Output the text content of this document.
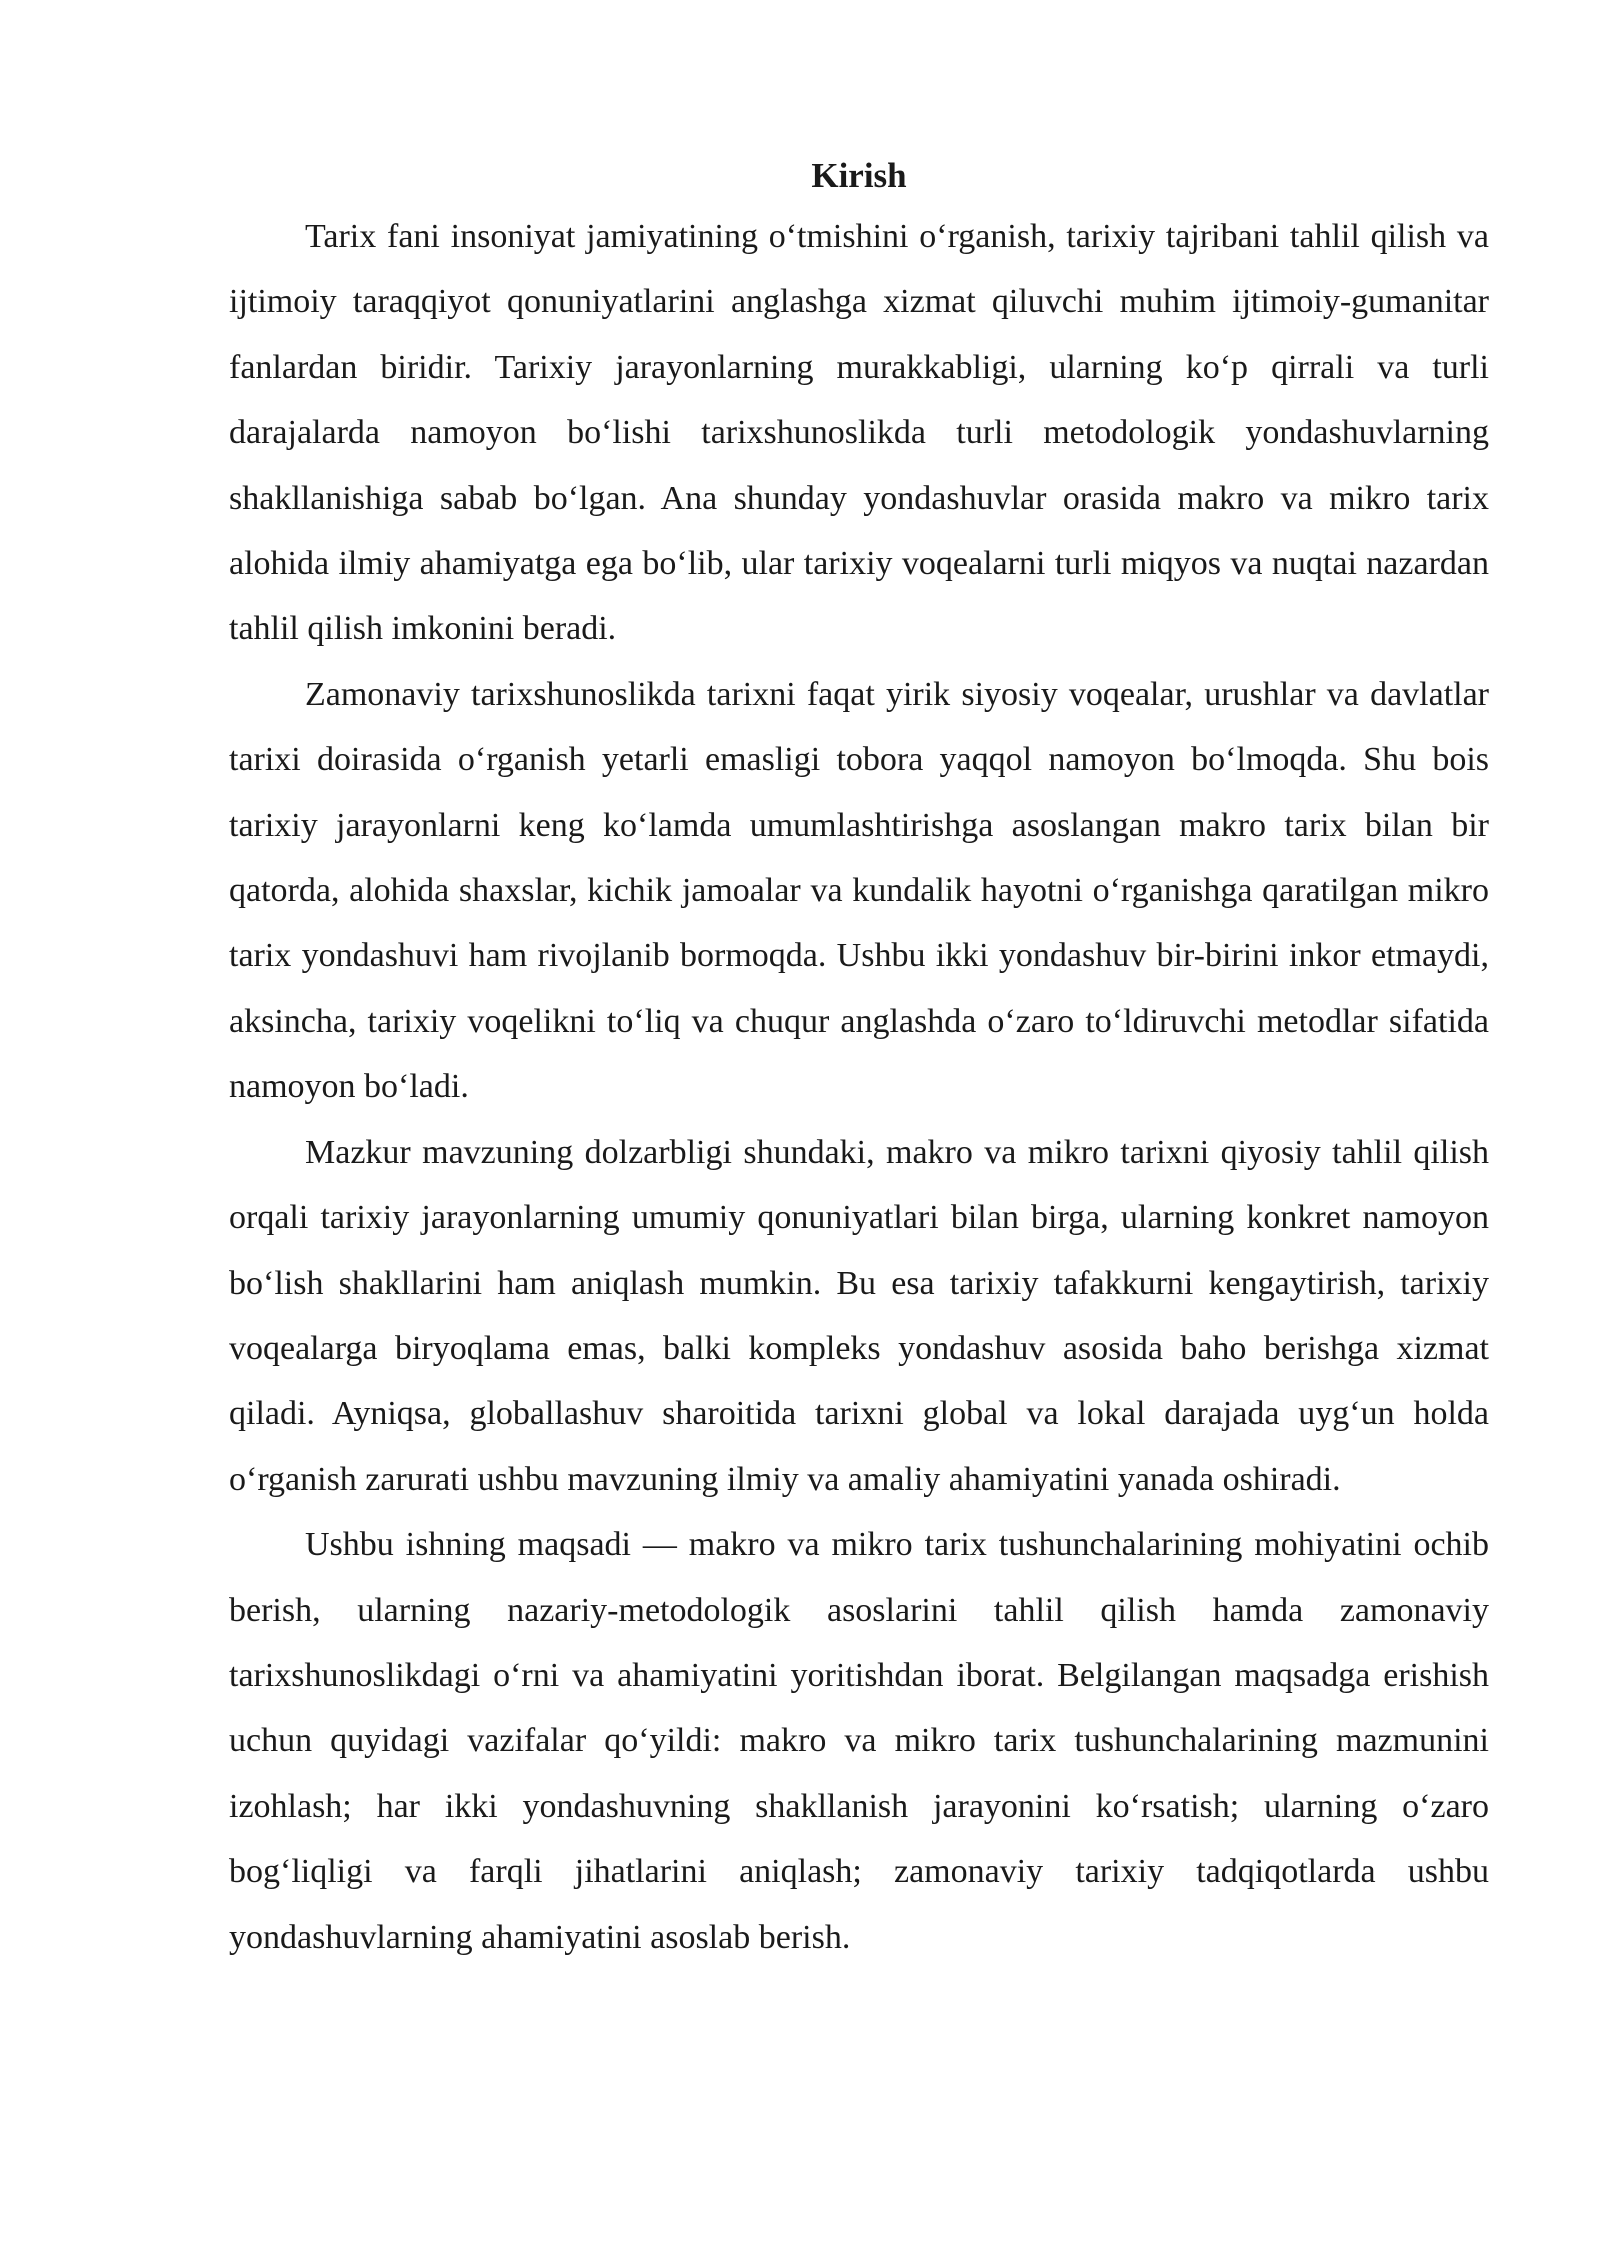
Kirish

Tarix fani insoniyat jamiyatining o‘tmishini o‘rganish, tarixiy tajribani tahlil qilish va ijtimoiy taraqqiyot qonuniyatlarini anglashga xizmat qiluvchi muhim ijtimoiy-gumanitar fanlardan biridir. Tarixiy jarayonlarning murakkabligi, ularning ko‘p qirrali va turli darajalarda namoyon bo‘lishi tarixshunoslikda turli metodologik yondashuvlarning shakllanishiga sabab bo‘lgan. Ana shunday yondashuvlar orasida makro va mikro tarix alohida ilmiy ahamiyatga ega bo‘lib, ular tarixiy voqealarni turli miqyos va nuqtai nazardan tahlil qilish imkonini beradi.

Zamonaviy tarixshunoslikda tarixni faqat yirik siyosiy voqealar, urushlar va davlatlar tarixi doirasida o‘rganish yetarli emasligi tobora yaqqol namoyon bo‘lmoqda. Shu bois tarixiy jarayonlarni keng ko‘lamda umumlashtirishga asoslangan makro tarix bilan bir qatorda, alohida shaxslar, kichik jamoalar va kundalik hayotni o‘rganishga qaratilgan mikro tarix yondashuvi ham rivojlanib bormoqda. Ushbu ikki yondashuv bir-birini inkor etmaydi, aksincha, tarixiy voqelikni to‘liq va chuqur anglashda o‘zaro to‘ldiruvchi metodlar sifatida namoyon bo‘ladi.

Mazkur mavzuning dolzarbligi shundaki, makro va mikro tarixni qiyosiy tahlil qilish orqali tarixiy jarayonlarning umumiy qonuniyatlari bilan birga, ularning konkret namoyon bo‘lish shakllarini ham aniqlash mumkin. Bu esa tarixiy tafakkurni kengaytirish, tarixiy voqealarga biryoqlama emas, balki kompleks yondashuv asosida baho berishga xizmat qiladi. Ayniqsa, globallashuv sharoitida tarixni global va lokal darajada uyg‘un holda o‘rganish zarurati ushbu mavzuning ilmiy va amaliy ahamiyatini yanada oshiradi.

Ushbu ishning maqsadi — makro va mikro tarix tushunchalarining mohiyatini ochib berish, ularning nazariy-metodologik asoslarini tahlil qilish hamda zamonaviy tarixshunoslikdagi o‘rni va ahamiyatini yoritishdan iborat. Belgilangan maqsadga erishish uchun quyidagi vazifalar qo‘yildi: makro va mikro tarix tushunchalarining mazmunini izohlash; har ikki yondashuvning shakllanish jarayonini ko‘rsatish; ularning o‘zaro bog‘liqligi va farqli jihatlarini aniqlash; zamonaviy tarixiy tadqiqotlarda ushbu yondashuvlarning ahamiyatini asoslab berish.
